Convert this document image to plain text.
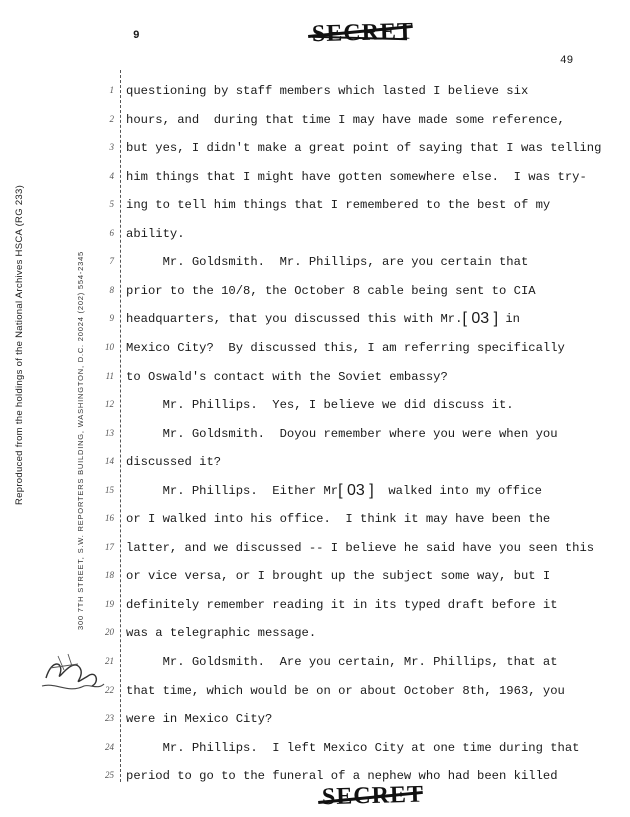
9	SECRET
49
Reproduced from the holdings of the National Archives HSCA (RG 233)	300 7TH STREET, S.W. REPORTERS BUILDING, WASHINGTON, D.C. 20024 (202) 554-2345
1
2
3
4
5
6
7
8
9
10
11
12
13
14
15
16
17
18
19
20
21
22
23
24
25
questioning by staff members which lasted I believe six
hours, and  during that time I may have made some reference,
but yes, I didn't make a great point of saying that I was telling
him things that I might have gotten somewhere else.  I was try-
ing to tell him things that I remembered to the best of my
ability.
Mr. Goldsmith.  Mr. Phillips, are you certain that
prior to the 10/8, the October 8 cable being sent to CIA
headquarters, that you discussed this with Mr.[ 03 ] in
Mexico City?  By discussed this, I am referring specifically
to Oswald's contact with the Soviet embassy?
Mr. Phillips.  Yes, I believe we did discuss it.
Mr. Goldsmith.  Doyou remember where you were when you
discussed it?
Mr. Phillips.  Either Mr[ 03 ]  walked into my office
or I walked into his office.  I think it may have been the
latter, and we discussed -- I believe he said have you seen this
or vice versa, or I brought up the subject some way, but I
definitely remember reading it in its typed draft before it
was a telegraphic message.
Mr. Goldsmith.  Are you certain, Mr. Phillips, that at
that time, which would be on or about October 8th, 1963, you
were in Mexico City?
Mr. Phillips.  I left Mexico City at one time during that
period to go to the funeral of a nephew who had been killed
SECRET
